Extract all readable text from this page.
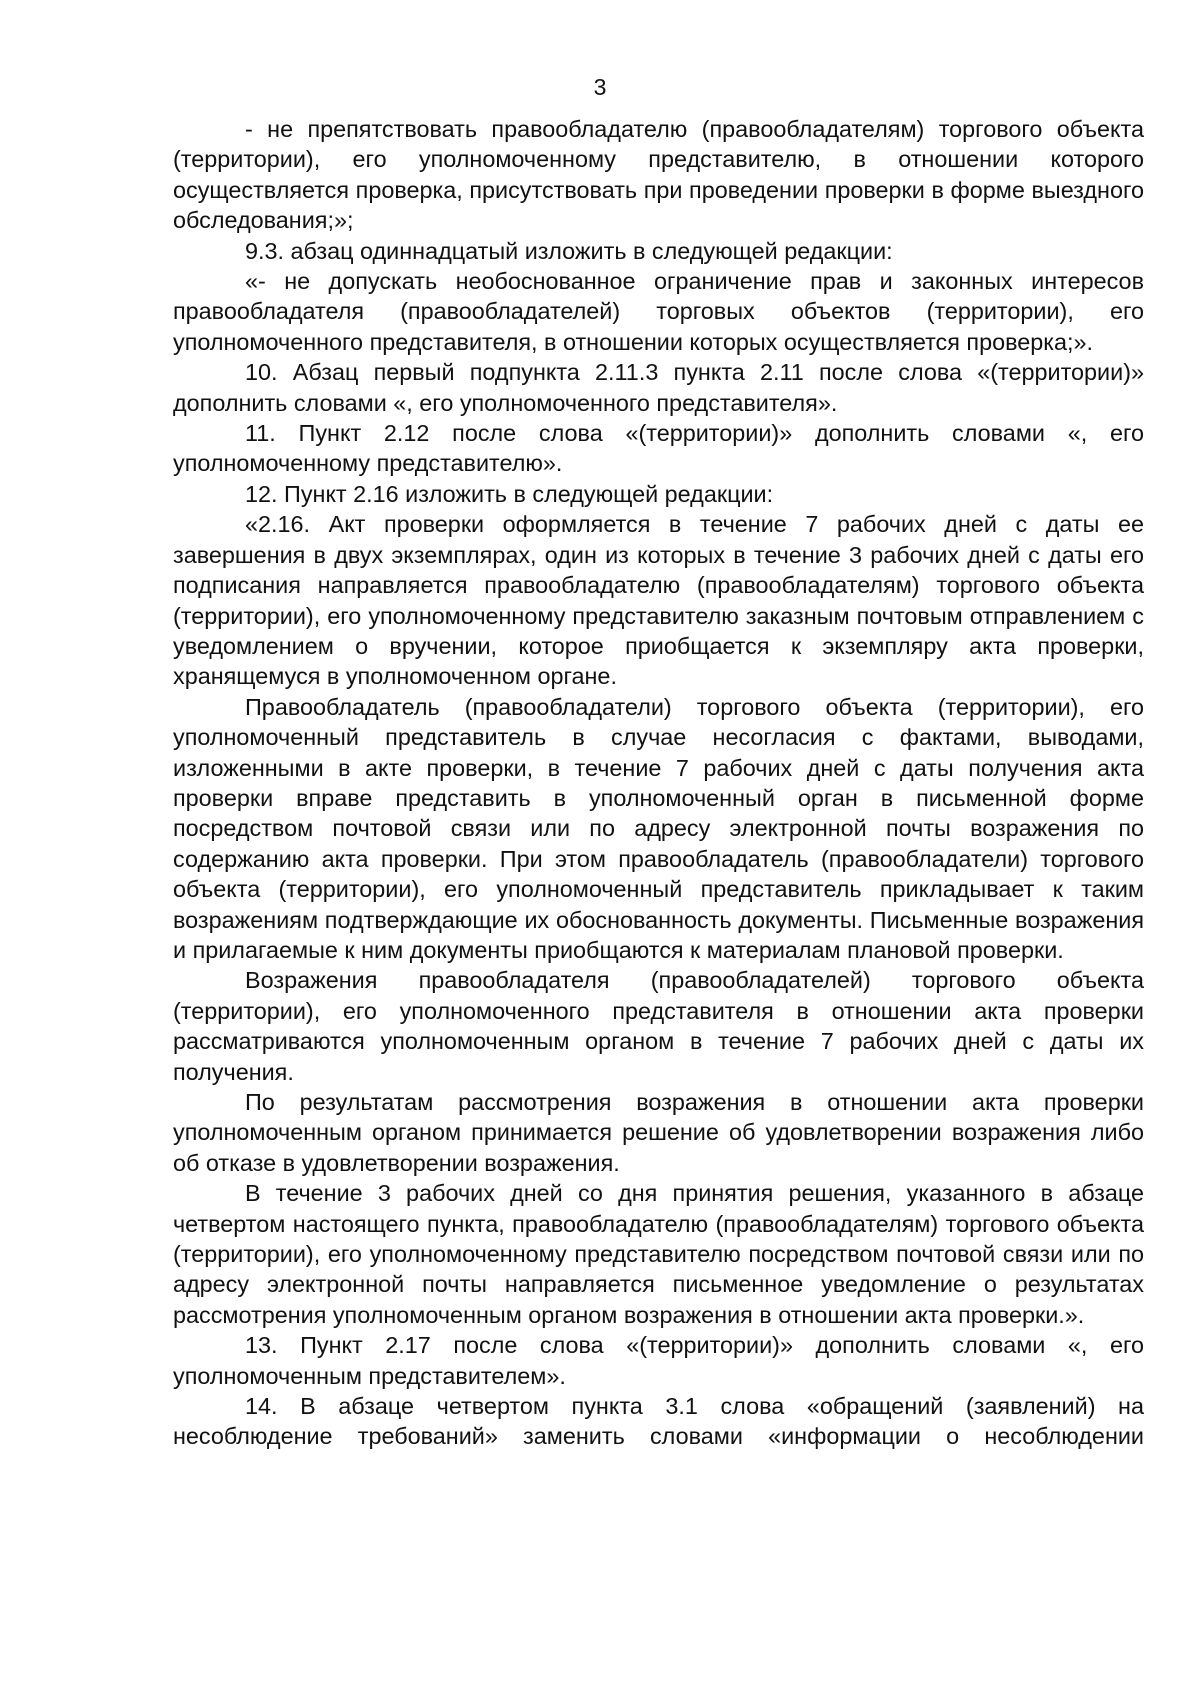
3

- не препятствовать правообладателю (правообладателям) торгового объекта (территории), его уполномоченному представителю, в отношении которого осуществляется проверка, присутствовать при проведении проверки в форме выездного обследования;»;

9.3. абзац одиннадцатый изложить в следующей редакции:

«- не допускать необоснованное ограничение прав и законных интересов правообладателя (правообладателей) торговых объектов (территории), его уполномоченного представителя, в отношении которых осуществляется проверка;».

10. Абзац первый подпункта 2.11.3 пункта 2.11 после слова «(территории)» дополнить словами «, его уполномоченного представителя».

11. Пункт 2.12 после слова «(территории)» дополнить словами «, его уполномоченному представителю».

12. Пункт 2.16 изложить в следующей редакции:

«2.16. Акт проверки оформляется в течение 7 рабочих дней с даты ее завершения в двух экземплярах, один из которых в течение 3 рабочих дней с даты его подписания направляется правообладателю (правообладателям) торгового объекта (территории), его уполномоченному представителю заказным почтовым отправлением с уведомлением о вручении, которое приобщается к экземпляру акта проверки, хранящемуся в уполномоченном органе.

Правообладатель (правообладатели) торгового объекта (территории), его уполномоченный представитель в случае несогласия с фактами, выводами, изложенными в акте проверки, в течение 7 рабочих дней с даты получения акта проверки вправе представить в уполномоченный орган в письменной форме посредством почтовой связи или по адресу электронной почты возражения по содержанию акта проверки. При этом правообладатель (правообладатели) торгового объекта (территории), его уполномоченный представитель прикладывает к таким возражениям подтверждающие их обоснованность документы. Письменные возражения и прилагаемые к ним документы приобщаются к материалам плановой проверки.

Возражения правообладателя (правообладателей) торгового объекта (территории), его уполномоченного представителя в отношении акта проверки рассматриваются уполномоченным органом в течение 7 рабочих дней с даты их получения.

По результатам рассмотрения возражения в отношении акта проверки уполномоченным органом принимается решение об удовлетворении возражения либо об отказе в удовлетворении возражения.

В течение 3 рабочих дней со дня принятия решения, указанного в абзаце четвертом настоящего пункта, правообладателю (правообладателям) торгового объекта (территории), его уполномоченному представителю посредством почтовой связи или по адресу электронной почты направляется письменное уведомление о результатах рассмотрения уполномоченным органом возражения в отношении акта проверки.».

13. Пункт 2.17 после слова «(территории)» дополнить словами «, его уполномоченным представителем».

14. В абзаце четвертом пункта 3.1 слова «обращений (заявлений) на несоблюдение требований» заменить словами «информации о несоблюдении
